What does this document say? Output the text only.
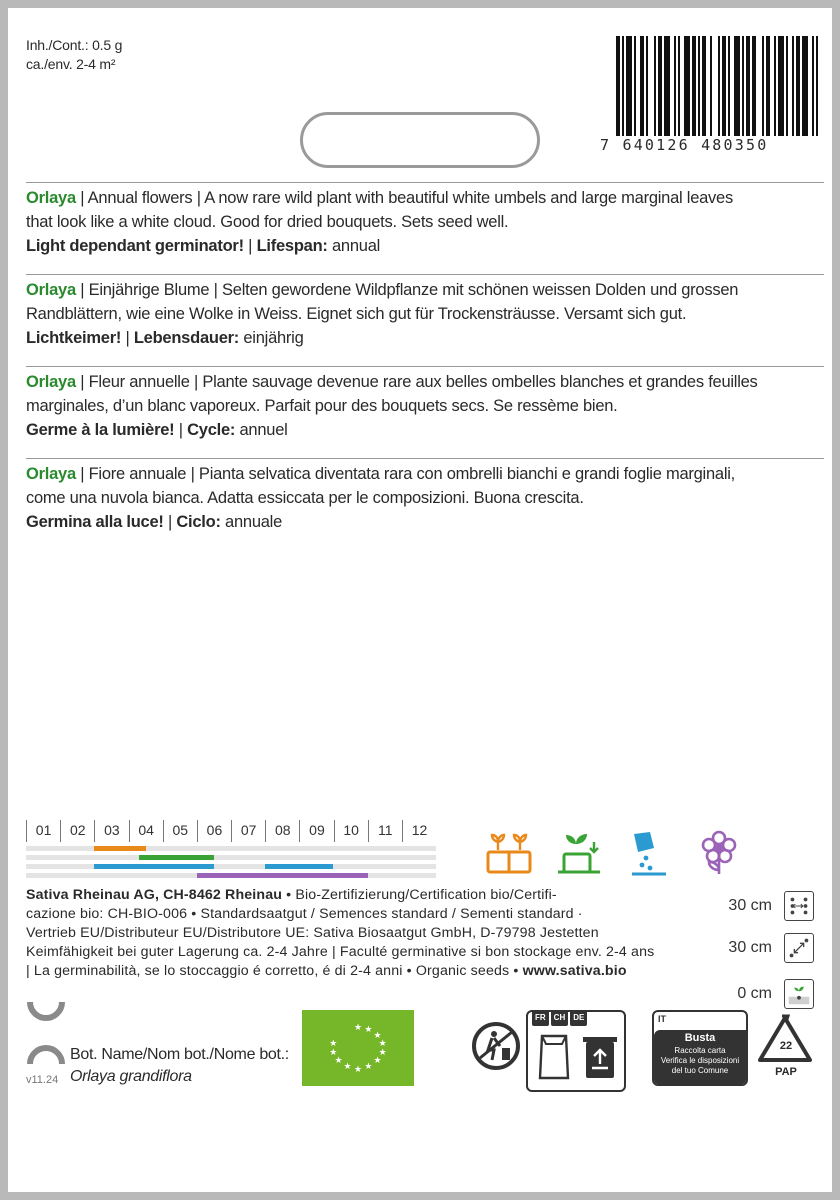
Inh./Cont.: 0.5 g
ca./env. 2-4 m²
7 640126 480350

Orlaya | Annual flowers | A now rare wild plant with beautiful white umbels and large marginal leaves

that look like a white cloud. Good for dried bouquets. Sets seed well.

Light dependant germinator! | Lifespan: annual

Orlaya | Einjährige Blume | Selten gewordene Wildpflanze mit schönen weissen Dolden und grossen

Randblättern, wie eine Wolke in Weiss. Eignet sich gut für Trockensträusse. Versamt sich gut.

Lichtkeimer! | Lebensdauer: einjährig

Orlaya | Fleur annuelle | Plante sauvage devenue rare aux belles ombelles blanches et grandes feuilles

marginales, d’un blanc vaporeux. Parfait pour des bouquets secs. Se ressème bien.

Germe à la lumière! | Cycle: annuel

Orlaya | Fiore annuale | Pianta selvatica diventata rara con ombrelli bianchi e grandi foglie marginali,

come una nuvola bianca. Adatta essiccata per le composizioni. Buona crescita.

Germina alla luce! | Ciclo: annuale

01	02	03	04	05	06	07	08	09	10	11	12

Sativa Rheinau AG, CH-8462 Rheinau • Bio-Zertifizierung/Certification bio/Certifi-

cazione bio: CH-BIO-006 • Standardsaatgut / Semences standard / Sementi standard ·

Vertrieb EU/Distributeur EU/Distributore UE: Sativa Biosaatgut GmbH, D-79798 Jestetten

Keimfähigkeit bei guter Lagerung ca. 2-4 Jahre | Faculté germinative si bon stockage env. 2-4 ans

| La germinabilità, se lo stoccaggio é corretto, é di 2-4 anni • Organic seeds • www.sativa.bio

30 cm
30 cm
0 cm
v11.24
Bot. Name/Nom bot./Nome bot.:
Orlaya grandiflora
★ ★
★
★
★
★
★
★
★
★
★
★
FR	CH	DE	IT
Busta
Raccolta carta
Verifica le disposizioni
del tuo Comune
22
PAP
